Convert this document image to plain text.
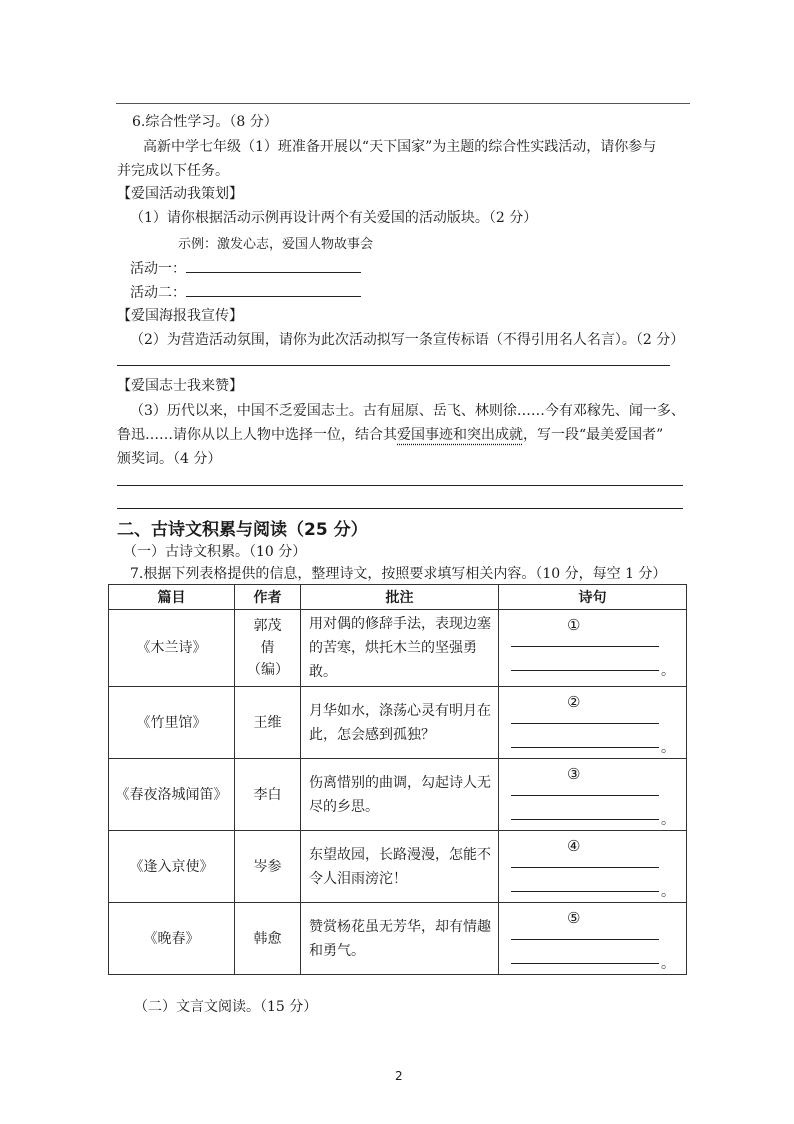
6.综合性学习。（8 分）
高新中学七年级（1）班准备开展以“天下国家”为主题的综合性实践活动，请你参与
并完成以下任务。
【爱国活动我策划】
（1）请你根据活动示例再设计两个有关爱国的活动版块。（2 分）
示例：激发心志，爱国人物故事会
活动一：
活动二：
【爱国海报我宣传】
（2）为营造活动氛围，请你为此次活动拟写一条宣传标语（不得引用名人名言）。（2 分）
【爱国志士我来赞】
（3）历代以来，中国不乏爱国志士。古有屈原、岳飞、林则徐……今有邓稼先、闻一多、
鲁迅……请你从以上人物中选择一位，结合其爱国事迹和突出成就，写一段“最美爱国者”
颁奖词。（4 分）
二、古诗文积累与阅读（25 分）
（一）古诗文积累。（10 分）
7.根据下列表格提供的信息，整理诗文，按照要求填写相关内容。（10 分，每空 1 分）
篇目	作者	批注	诗句
《木兰诗》	郭茂倩（编）	用对偶的修辞手法，表现边塞的苦寒，烘托木兰的坚强勇敢。	①
。

《竹里馆》	王维	月华如水，涤荡心灵有明月在此，怎会感到孤独？	②
。

《春夜洛城闻笛》	李白	伤离惜别的曲调，勾起诗人无尽的乡思。	③
。

《逢入京使》	岑参	东望故园，长路漫漫，怎能不令人泪雨滂沱！	④
。

《晚春》	韩愈	赞赏杨花虽无芳华，却有情趣和勇气。	⑤
。
（二）文言文阅读。（15 分）
2
